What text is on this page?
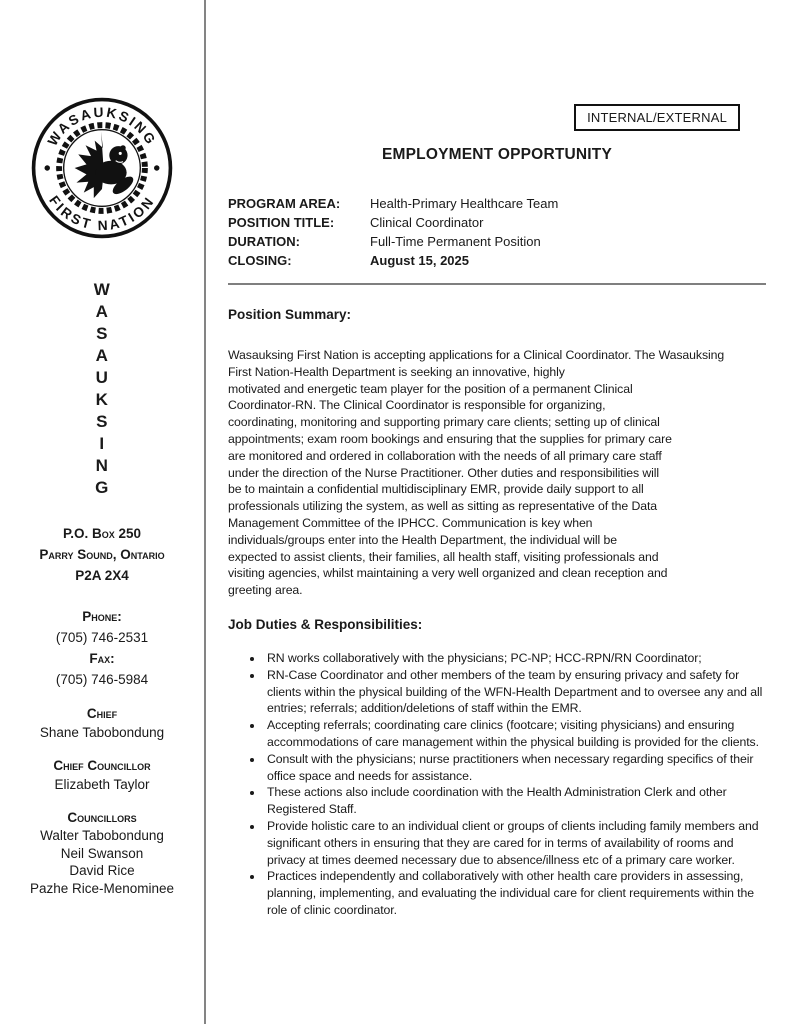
WASAUKSING
FIRST NATION
W
A
S
A
U
K
S
I
N
G
P.O. Box 250
Parry Sound, Ontario
P2A 2X4
Phone:
(705) 746-2531
Fax:
(705) 746-5984
Chief
Shane Tabobondung
Chief Councillor
Elizabeth Taylor
Councillors
Walter Tabobondung
Neil Swanson
David Rice
Pazhe Rice-Menominee
INTERNAL/EXTERNAL
EMPLOYMENT OPPORTUNITY
PROGRAM AREA:	Health-Primary Healthcare Team
POSITION TITLE:	Clinical Coordinator
DURATION:	Full-Time Permanent Position
CLOSING:	August 15, 2025
Position Summary:
Wasauksing First Nation is accepting applications for a Clinical Coordinator. The Wasauksing
First Nation-Health Department is seeking an innovative, highly
motivated and energetic team player for the position of a permanent Clinical
Coordinator-RN. The Clinical Coordinator is responsible for organizing,
coordinating, monitoring and supporting primary care clients; setting up of clinical
appointments; exam room bookings and ensuring that the supplies for primary care
are monitored and ordered in collaboration with the needs of all primary care staff
under the direction of the Nurse Practitioner. Other duties and responsibilities will
be to maintain a confidential multidisciplinary EMR, provide daily support to all
professionals utilizing the system, as well as sitting as representative of the Data
Management Committee of the IPHCC. Communication is key when
individuals/groups enter into the Health Department, the individual will be
expected to assist clients, their families, all health staff, visiting professionals and
visiting agencies, whilst maintaining a very well organized and clean reception and
greeting area.
Job Duties & Responsibilities:
• RN works collaboratively with the physicians; PC-NP; HCC-RPN/RN Coordinator;
• RN-Case Coordinator and other members of the team by ensuring privacy and safety for clients within the physical building of the WFN-Health Department and to oversee any and all entries; referrals; addition/deletions of staff within the EMR.
• Accepting referrals; coordinating care clinics (footcare; visiting physicians) and ensuring accommodations of care management within the physical building is provided for the clients.
• Consult with the physicians; nurse practitioners when necessary regarding specifics of their office space and needs for assistance.
• These actions also include coordination with the Health Administration Clerk and other Registered Staff.
• Provide holistic care to an individual client or groups of clients including family members and significant others in ensuring that they are cared for in terms of availability of rooms and privacy at times deemed necessary due to absence/illness etc of a primary care worker.
• Practices independently and collaboratively with other health care providers in assessing, planning, implementing, and evaluating the individual care for client requirements within the role of clinic coordinator.
